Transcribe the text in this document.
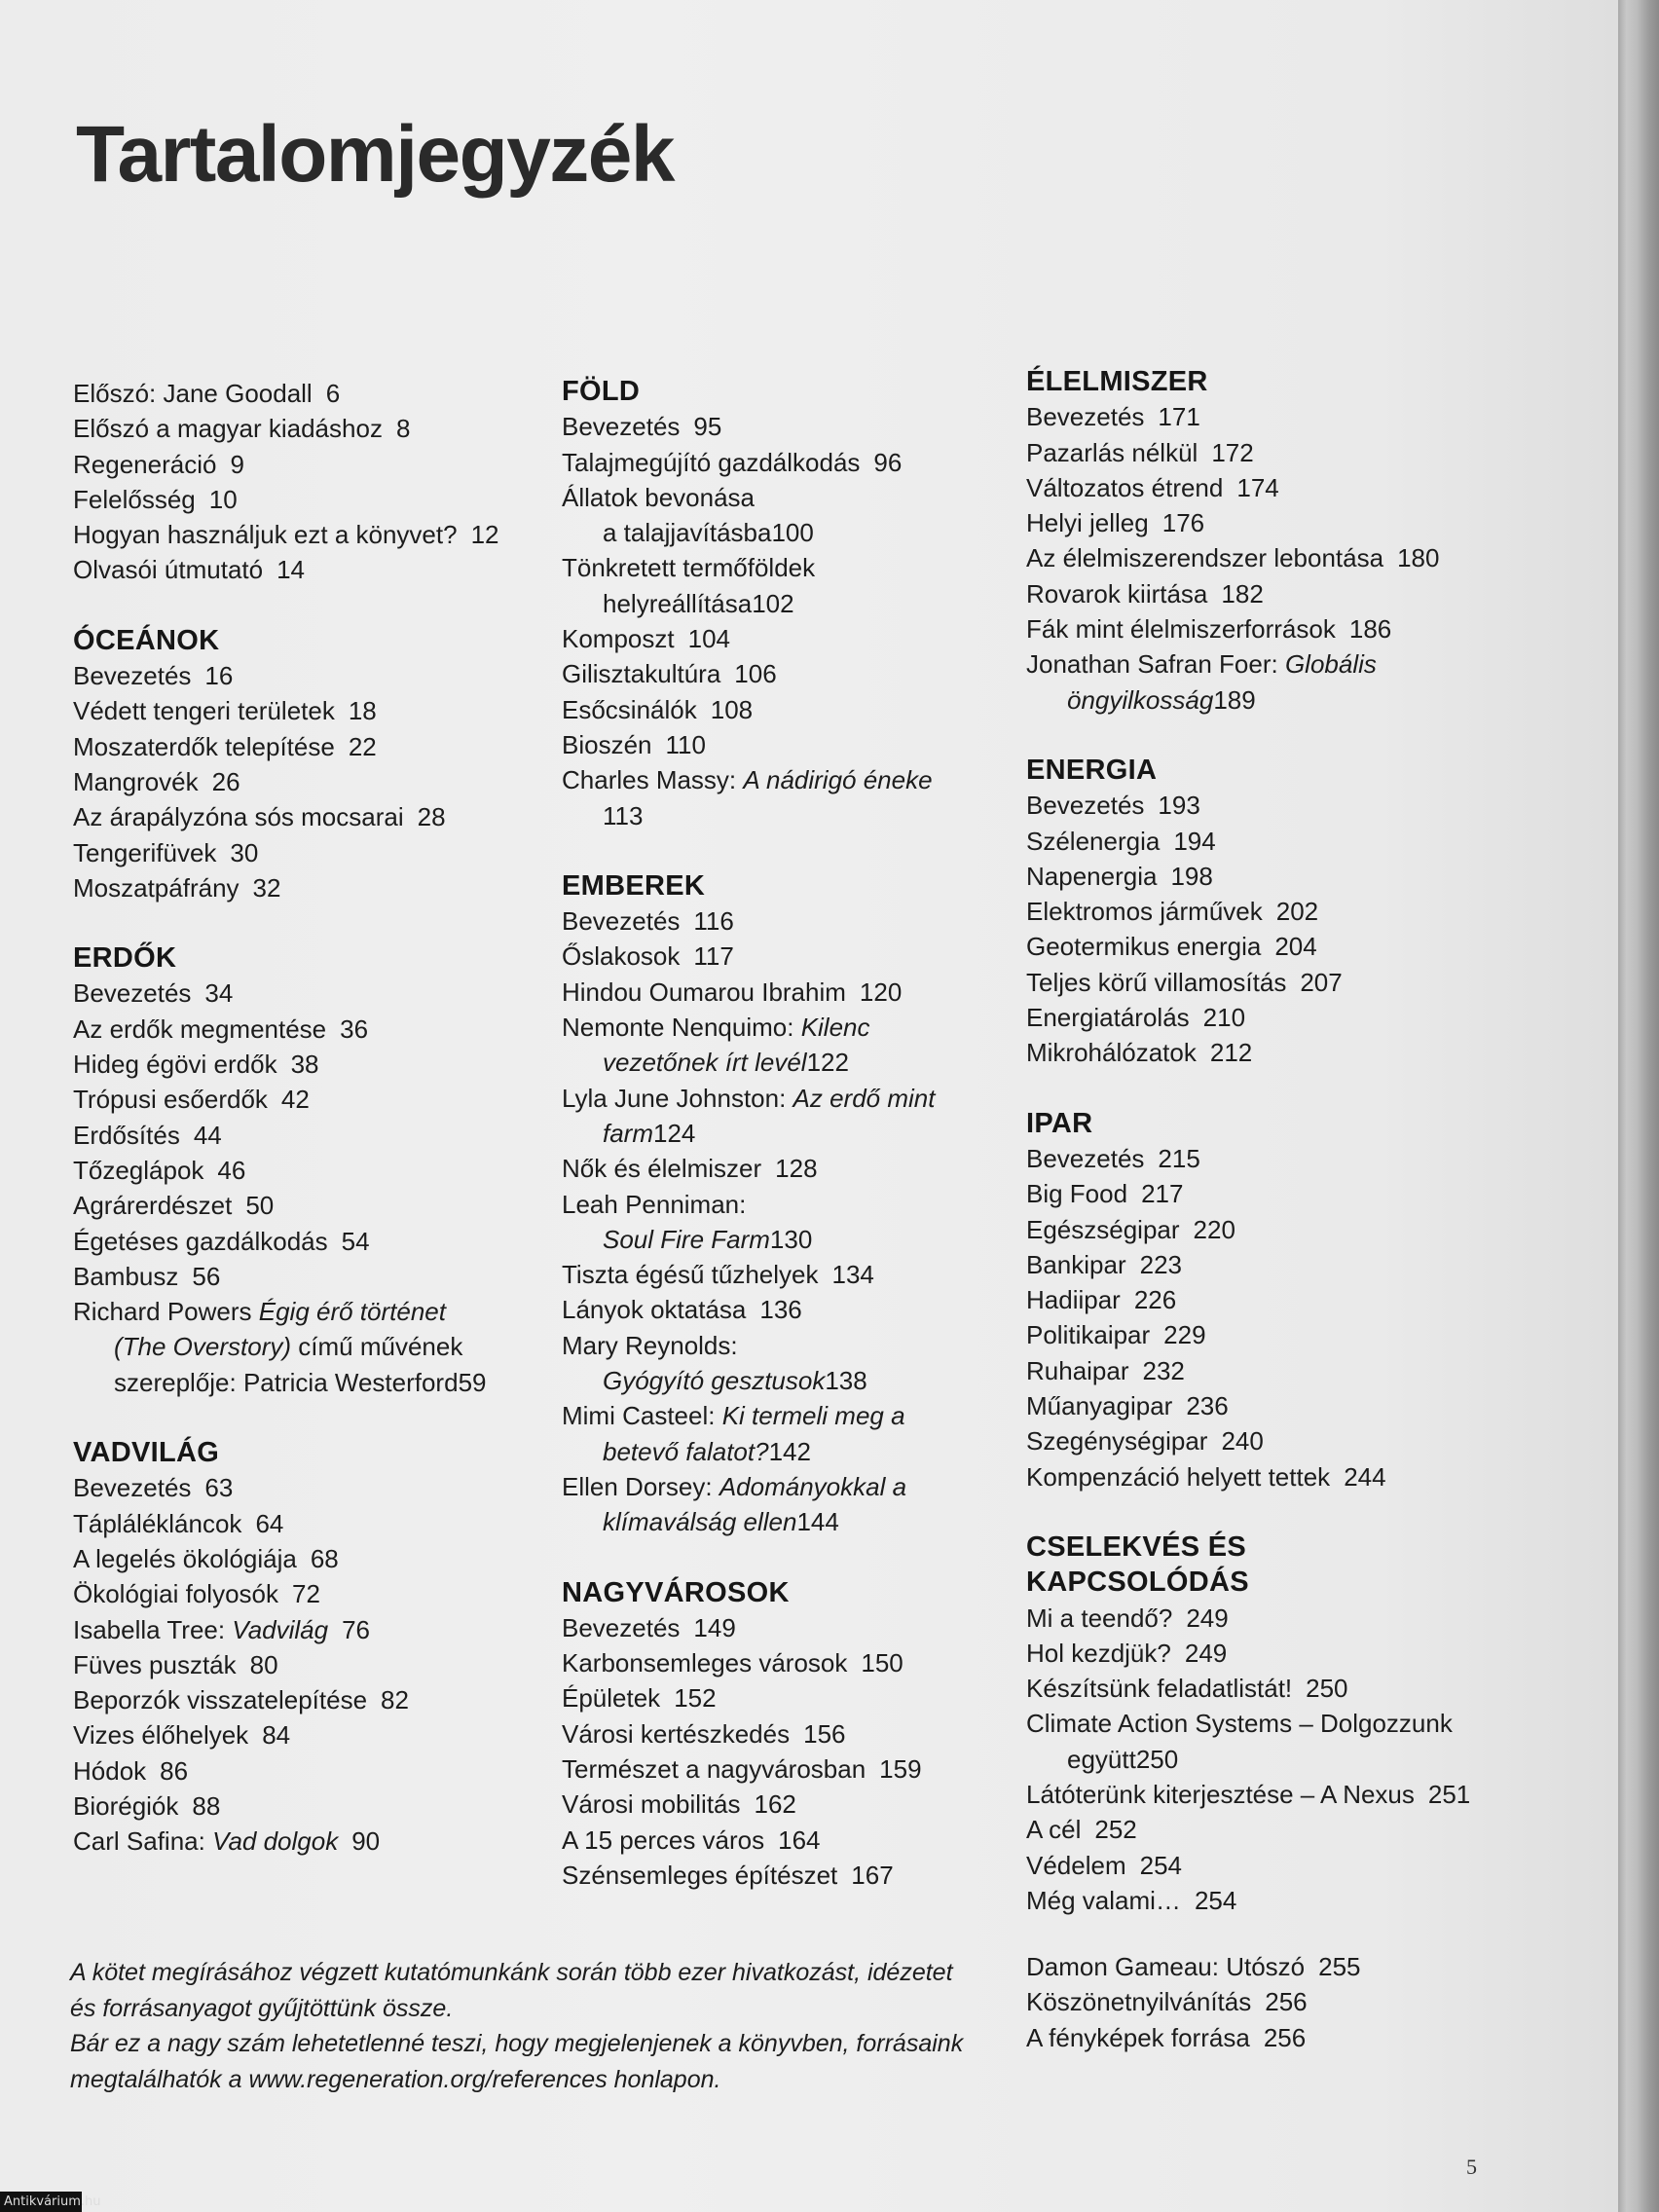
Tartalomjegyzék
Előszó: Jane Goodall 6
Előszó a magyar kiadáshoz 8
Regeneráció 9
Felelősség 10
Hogyan használjuk ezt a könyvet? 12
Olvasói útmutató 14
ÓCEÁNOK
Bevezetés 16
Védett tengeri területek 18
Moszaterdők telepítése 22
Mangrovék 26
Az árapályzóna sós mocsarai 28
Tengerifüvek 30
Moszatpáfrány 32
ERDŐK
Bevezetés 34
Az erdők megmentése 36
Hideg égövi erdők 38
Trópusi esőerdők 42
Erdősítés 44
Tőzeglápok 46
Agrárerdészet 50
Égetéses gazdálkodás 54
Bambusz 56
Richard Powers Égig érő történet
(The Overstory) című művének
szereplője: Patricia Westerford59
VADVILÁG
Bevezetés 63
Táplálékláncok 64
A legelés ökológiája 68
Ökológiai folyosók 72
Isabella Tree: Vadvilág 76
Füves puszták 80
Beporzók visszatelepítése 82
Vizes élőhelyek 84
Hódok 86
Biorégiók 88
Carl Safina: Vad dolgok 90
FÖLD
Bevezetés 95
Talajmegújító gazdálkodás 96
Állatok bevonása
a talajjavításba100
Tönkretett termőföldek
helyreállítása102
Komposzt 104
Gilisztakultúra 106
Esőcsinálók 108
Bioszén 110
Charles Massy: A nádirigó éneke
113
EMBEREK
Bevezetés 116
Őslakosok 117
Hindou Oumarou Ibrahim 120
Nemonte Nenquimo: Kilenc
vezetőnek írt levél122
Lyla June Johnston: Az erdő mint
farm124
Nők és élelmiszer 128
Leah Penniman:
Soul Fire Farm130
Tiszta égésű tűzhelyek 134
Lányok oktatása 136
Mary Reynolds:
Gyógyító gesztusok138
Mimi Casteel: Ki termeli meg a
betevő falatot?142
Ellen Dorsey: Adományokkal a
klímaválság ellen144
NAGYVÁROSOK
Bevezetés 149
Karbonsemleges városok 150
Épületek 152
Városi kertészkedés 156
Természet a nagyvárosban 159
Városi mobilitás 162
A 15 perces város 164
Szénsemleges építészet 167
ÉLELMISZER
Bevezetés 171
Pazarlás nélkül 172
Változatos étrend 174
Helyi jelleg 176
Az élelmiszerendszer lebontása 180
Rovarok kiirtása 182
Fák mint élelmiszerforrások 186
Jonathan Safran Foer: Globális
öngyilkosság189
ENERGIA
Bevezetés 193
Szélenergia 194
Napenergia 198
Elektromos járművek 202
Geotermikus energia 204
Teljes körű villamosítás 207
Energiatárolás 210
Mikrohálózatok 212
IPAR
Bevezetés 215
Big Food 217
Egészségipar 220
Bankipar 223
Hadiipar 226
Politikaipar 229
Ruhaipar 232
Műanyagipar 236
Szegénységipar 240
Kompenzáció helyett tettek 244
CSELEKVÉS ÉS
KAPCSOLÓDÁS
Mi a teendő? 249
Hol kezdjük? 249
Készítsünk feladatlistát! 250
Climate Action Systems – Dolgozzunk
együtt250
Látóterünk kiterjesztése – A Nexus 251
A cél 252
Védelem 254
Még valami… 254
Damon Gameau: Utószó 255
Köszönetnyilvánítás 256
A fényképek forrása 256
A kötet megírásához végzett kutatómunkánk során több ezer hivatkozást, idézetet
és forrásanyagot gyűjtöttünk össze.
Bár ez a nagy szám lehetetlenné teszi, hogy megjelenjenek a könyvben, forrásaink
megtalálhatók a www.regeneration.org/references honlapon.
5
Antikvárium.hu
